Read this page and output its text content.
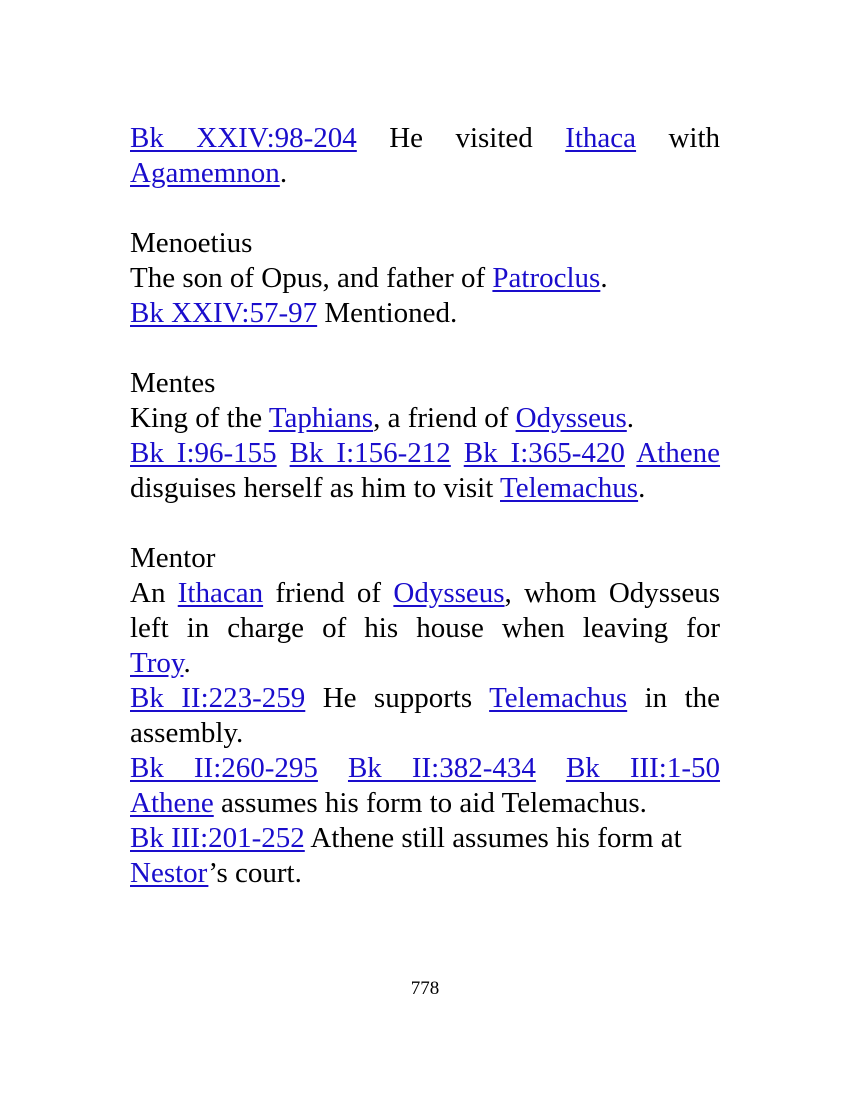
Bk XXIV:98-204 He visited Ithaca with

Agamemnon.

Menoetius

The son of Opus, and father of Patroclus.

Bk XXIV:57-97 Mentioned.

Mentes

King of the Taphians, a friend of Odysseus.

Bk I:96-155 Bk I:156-212 Bk I:365-420 Athene

disguises herself as him to visit Telemachus.

Mentor

An Ithacan friend of Odysseus, whom Odysseus

left in charge of his house when leaving for

Troy.

Bk II:223-259 He supports Telemachus in the

assembly.

Bk II:260-295 Bk II:382-434 Bk III:1-50

Athene assumes his form to aid Telemachus.

Bk III:201-252 Athene still assumes his form at

Nestor’s court.

778
